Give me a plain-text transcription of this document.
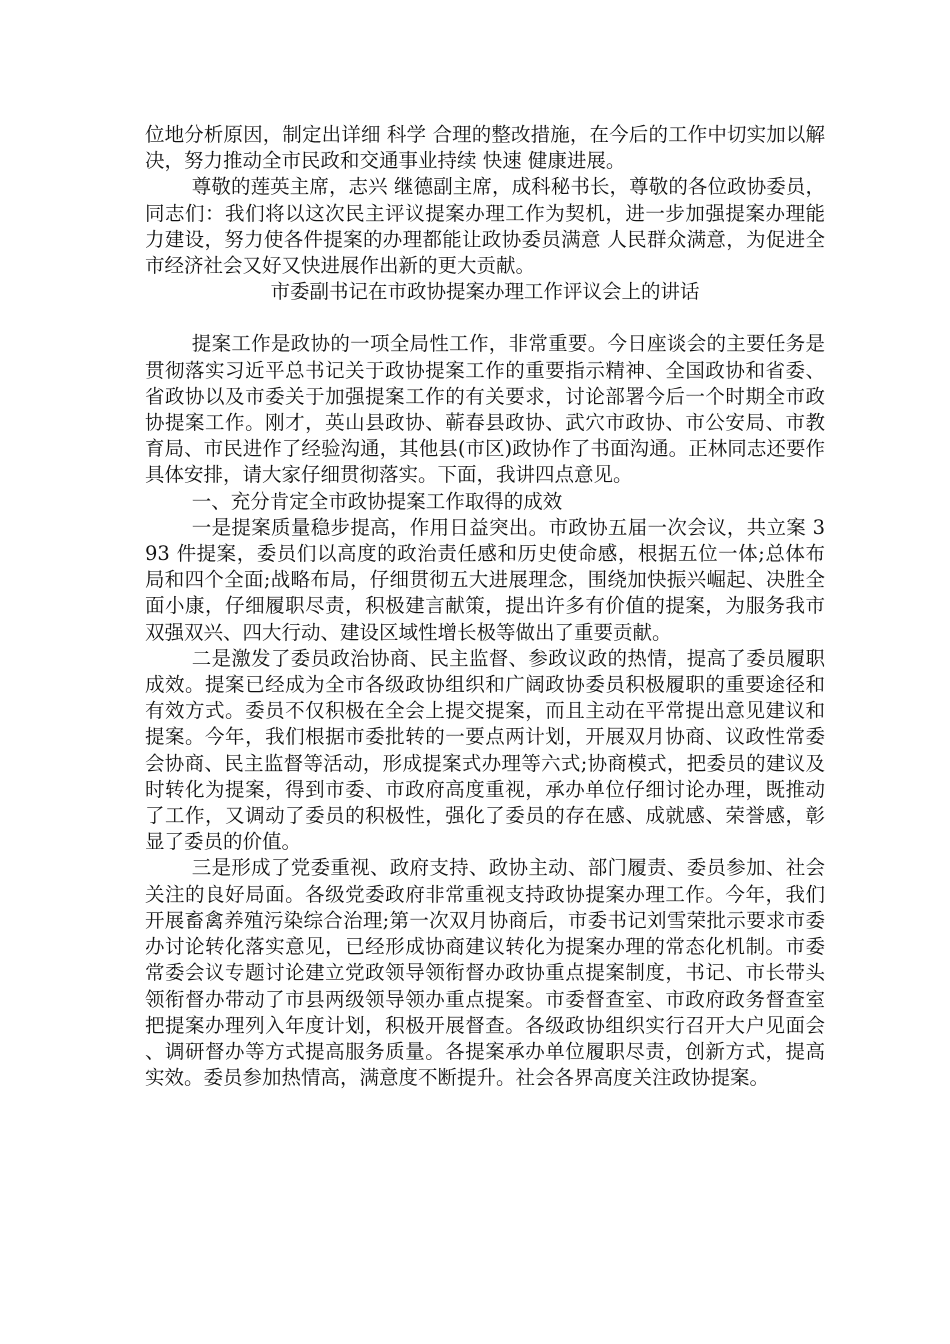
位地分析原因，制定出详细 科学 合理的整改措施，在今后的工作中切实加以解决，努力推动全市民政和交通事业持续 快速 健康进展。

尊敬的莲英主席，志兴 继德副主席，成科秘书长，尊敬的各位政协委员，同志们：我们将以这次民主评议提案办理工作为契机，进一步加强提案办理能力建设，努力使各件提案的办理都能让政协委员满意 人民群众满意，为促进全市经济社会又好又快进展作出新的更大贡献。

市委副书记在市政协提案办理工作评议会上的讲话

提案工作是政协的一项全局性工作，非常重要。今日座谈会的主要任务是贯彻落实习近平总书记关于政协提案工作的重要指示精神、全国政协和省委、省政协以及市委关于加强提案工作的有关要求，讨论部署今后一个时期全市政协提案工作。刚才，英山县政协、蕲春县政协、武穴市政协、市公安局、市教育局、市民进作了经验沟通，其他县(市区)政协作了书面沟通。正林同志还要作具体安排，请大家仔细贯彻落实。下面，我讲四点意见。

一、充分肯定全市政协提案工作取得的成效

一是提案质量稳步提高，作用日益突出。市政协五届一次会议，共立案 393 件提案，委员们以高度的政治责任感和历史使命感，根据五位一体;总体布局和四个全面;战略布局，仔细贯彻五大进展理念，围绕加快振兴崛起、决胜全面小康，仔细履职尽责，积极建言献策，提出许多有价值的提案，为服务我市双强双兴、四大行动、建设区域性增长极等做出了重要贡献。

二是激发了委员政治协商、民主监督、参政议政的热情，提高了委员履职成效。提案已经成为全市各级政协组织和广阔政协委员积极履职的重要途径和有效方式。委员不仅积极在全会上提交提案，而且主动在平常提出意见建议和提案。今年，我们根据市委批转的一要点两计划，开展双月协商、议政性常委会协商、民主监督等活动，形成提案式办理等六式;协商模式，把委员的建议及时转化为提案，得到市委、市政府高度重视，承办单位仔细讨论办理，既推动了工作，又调动了委员的积极性，强化了委员的存在感、成就感、荣誉感，彰显了委员的价值。

三是形成了党委重视、政府支持、政协主动、部门履责、委员参加、社会关注的良好局面。各级党委政府非常重视支持政协提案办理工作。今年，我们开展畜禽养殖污染综合治理;第一次双月协商后，市委书记刘雪荣批示要求市委办讨论转化落实意见，已经形成协商建议转化为提案办理的常态化机制。市委常委会议专题讨论建立党政领导领衔督办政协重点提案制度，书记、市长带头领衔督办带动了市县两级领导领办重点提案。市委督查室、市政府政务督查室把提案办理列入年度计划，积极开展督查。各级政协组织实行召开大户见面会、调研督办等方式提高服务质量。各提案承办单位履职尽责，创新方式，提高实效。委员参加热情高，满意度不断提升。社会各界高度关注政协提案。
